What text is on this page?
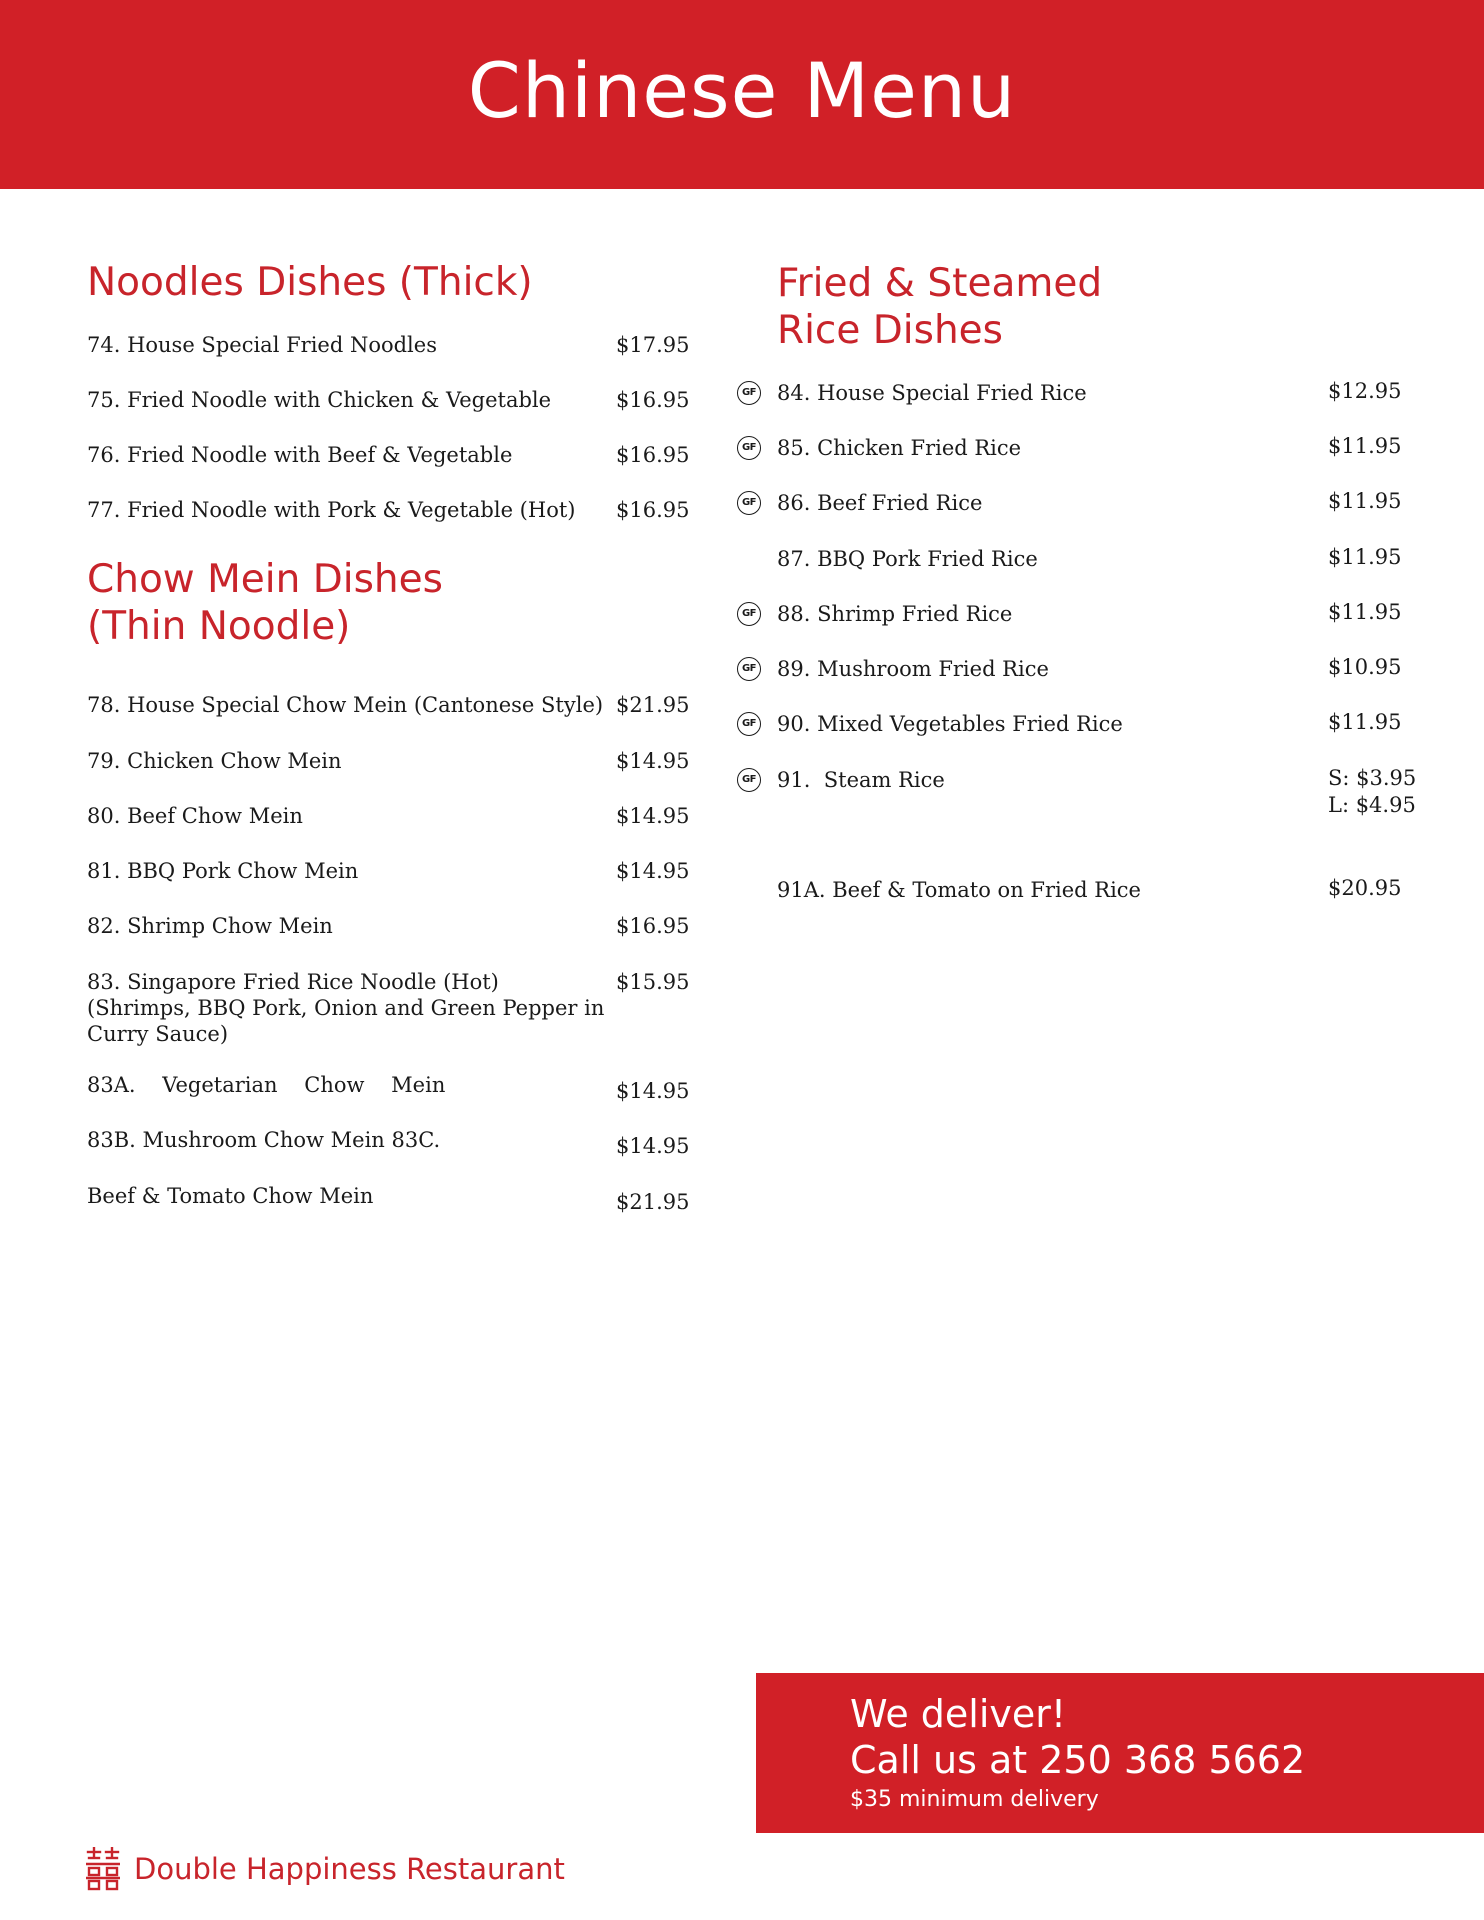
Chinese Menu
Noodles Dishes (Thick)
74. House Special Fried Noodles	$17.95
75. Fried Noodle with Chicken & Vegetable	$16.95
76. Fried Noodle with Beef & Vegetable	$16.95
77. Fried Noodle with Pork & Vegetable (Hot) $16.95
Chow Mein Dishes
(Thin Noodle)
78. House Special Chow Mein (Cantonese Style) $21.95
79. Chicken Chow Mein	$14.95
80. Beef Chow Mein	$14.95
81. BBQ Pork Chow Mein	$14.95
82. Shrimp Chow Mein	$16.95
83. Singapore Fried Rice Noodle (Hot)
(Shrimps, BBQ Pork, Onion and Green Pepper in Curry Sauce)
$15.95
83A.    Vegetarian    Chow    Mein	$14.95
83B. Mushroom Chow Mein 83C.	$14.95
Beef & Tomato Chow Mein	$21.95
Fried & Steamed
Rice Dishes
GF 84. House Special Fried Rice	$12.95
GF 85. Chicken Fried Rice	$11.95
GF 86. Beef Fried Rice	$11.95
87. BBQ Pork Fried Rice	$11.95
GF 88. Shrimp Fried Rice	$11.95
GF 89. Mushroom Fried Rice	$10.95
GF 90. Mixed Vegetables Fried Rice	$11.95
GF 91.  Steam Rice	S: $3.95
L: $4.95
91A. Beef & Tomato on Fried Rice	$20.95
We deliver!
Call us at 250 368 5662
$35 minimum delivery
Double Happiness Restaurant
